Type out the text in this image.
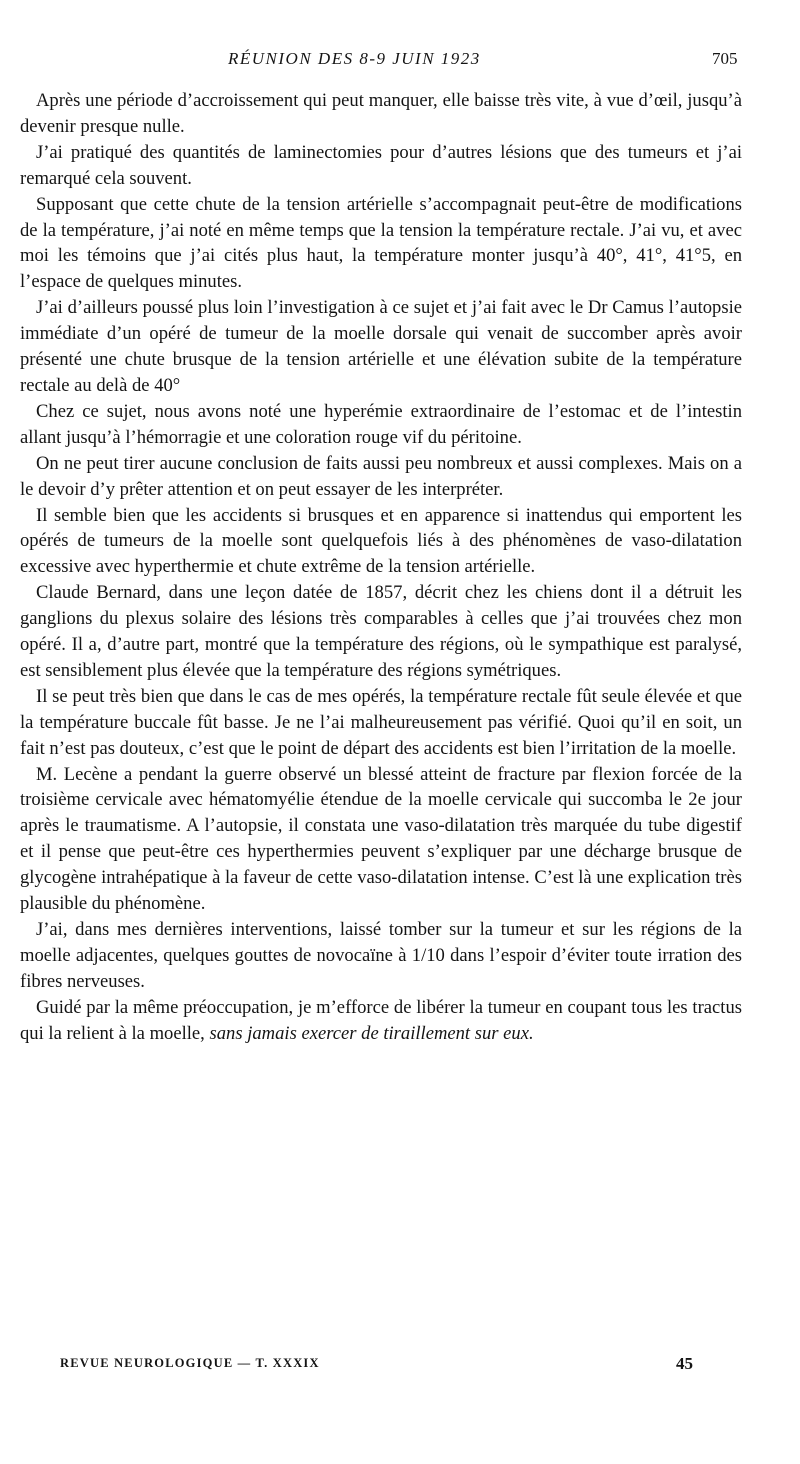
RÉUNION DES 8-9 JUIN 1923	705

Après une période d’accroissement qui peut manquer, elle baisse très vite, à vue d’œil, jusqu’à devenir presque nulle.

J’ai pratiqué des quantités de laminectomies pour d’autres lésions que des tumeurs et j’ai remarqué cela souvent.

Supposant que cette chute de la tension artérielle s’accompagnait peut-être de modifications de la température, j’ai noté en même temps que la tension la température rectale. J’ai vu, et avec moi les témoins que j’ai cités plus haut, la température monter jusqu’à 40°, 41°, 41°5, en l’espace de quelques minutes.

J’ai d’ailleurs poussé plus loin l’investigation à ce sujet et j’ai fait avec le Dr Camus l’autopsie immédiate d’un opéré de tumeur de la moelle dorsale qui venait de succomber après avoir présenté une chute brusque de la tension artérielle et une élévation subite de la température rectale au delà de 40°

Chez ce sujet, nous avons noté une hyperémie extraordinaire de l’estomac et de l’intestin allant jusqu’à l’hémorragie et une coloration rouge vif du péritoine.

On ne peut tirer aucune conclusion de faits aussi peu nombreux et aussi complexes. Mais on a le devoir d’y prêter attention et on peut essayer de les interpréter.

Il semble bien que les accidents si brusques et en apparence si inattendus qui emportent les opérés de tumeurs de la moelle sont quelquefois liés à des phénomènes de vaso-dilatation excessive avec hyperthermie et chute extrême de la tension artérielle.

Claude Bernard, dans une leçon datée de 1857, décrit chez les chiens dont il a détruit les ganglions du plexus solaire des lésions très comparables à celles que j’ai trouvées chez mon opéré. Il a, d’autre part, montré que la température des régions, où le sympathique est paralysé, est sensiblement plus élevée que la température des régions symétriques.

Il se peut très bien que dans le cas de mes opérés, la température rectale fût seule élevée et que la température buccale fût basse. Je ne l’ai malheureusement pas vérifié. Quoi qu’il en soit, un fait n’est pas douteux, c’est que le point de départ des accidents est bien l’irritation de la moelle.

M. Lecène a pendant la guerre observé un blessé atteint de fracture par flexion forcée de la troisième cervicale avec hématomyélie étendue de la moelle cervicale qui succomba le 2e jour après le traumatisme. A l’autopsie, il constata une vaso-dilatation très marquée du tube digestif et il pense que peut-être ces hyperthermies peuvent s’expliquer par une décharge brusque de glycogène intrahépatique à la faveur de cette vaso-dilatation intense. C’est là une explication très plausible du phénomène.

J’ai, dans mes dernières interventions, laissé tomber sur la tumeur et sur les régions de la moelle adjacentes, quelques gouttes de novocaïne à 1/10 dans l’espoir d’éviter toute irration des fibres nerveuses.

Guidé par la même préoccupation, je m’efforce de libérer la tumeur en coupant tous les tractus qui la relient à la moelle, sans jamais exercer de tiraillement sur eux.

REVUE NEUROLOGIQUE — T. XXXIX	45
